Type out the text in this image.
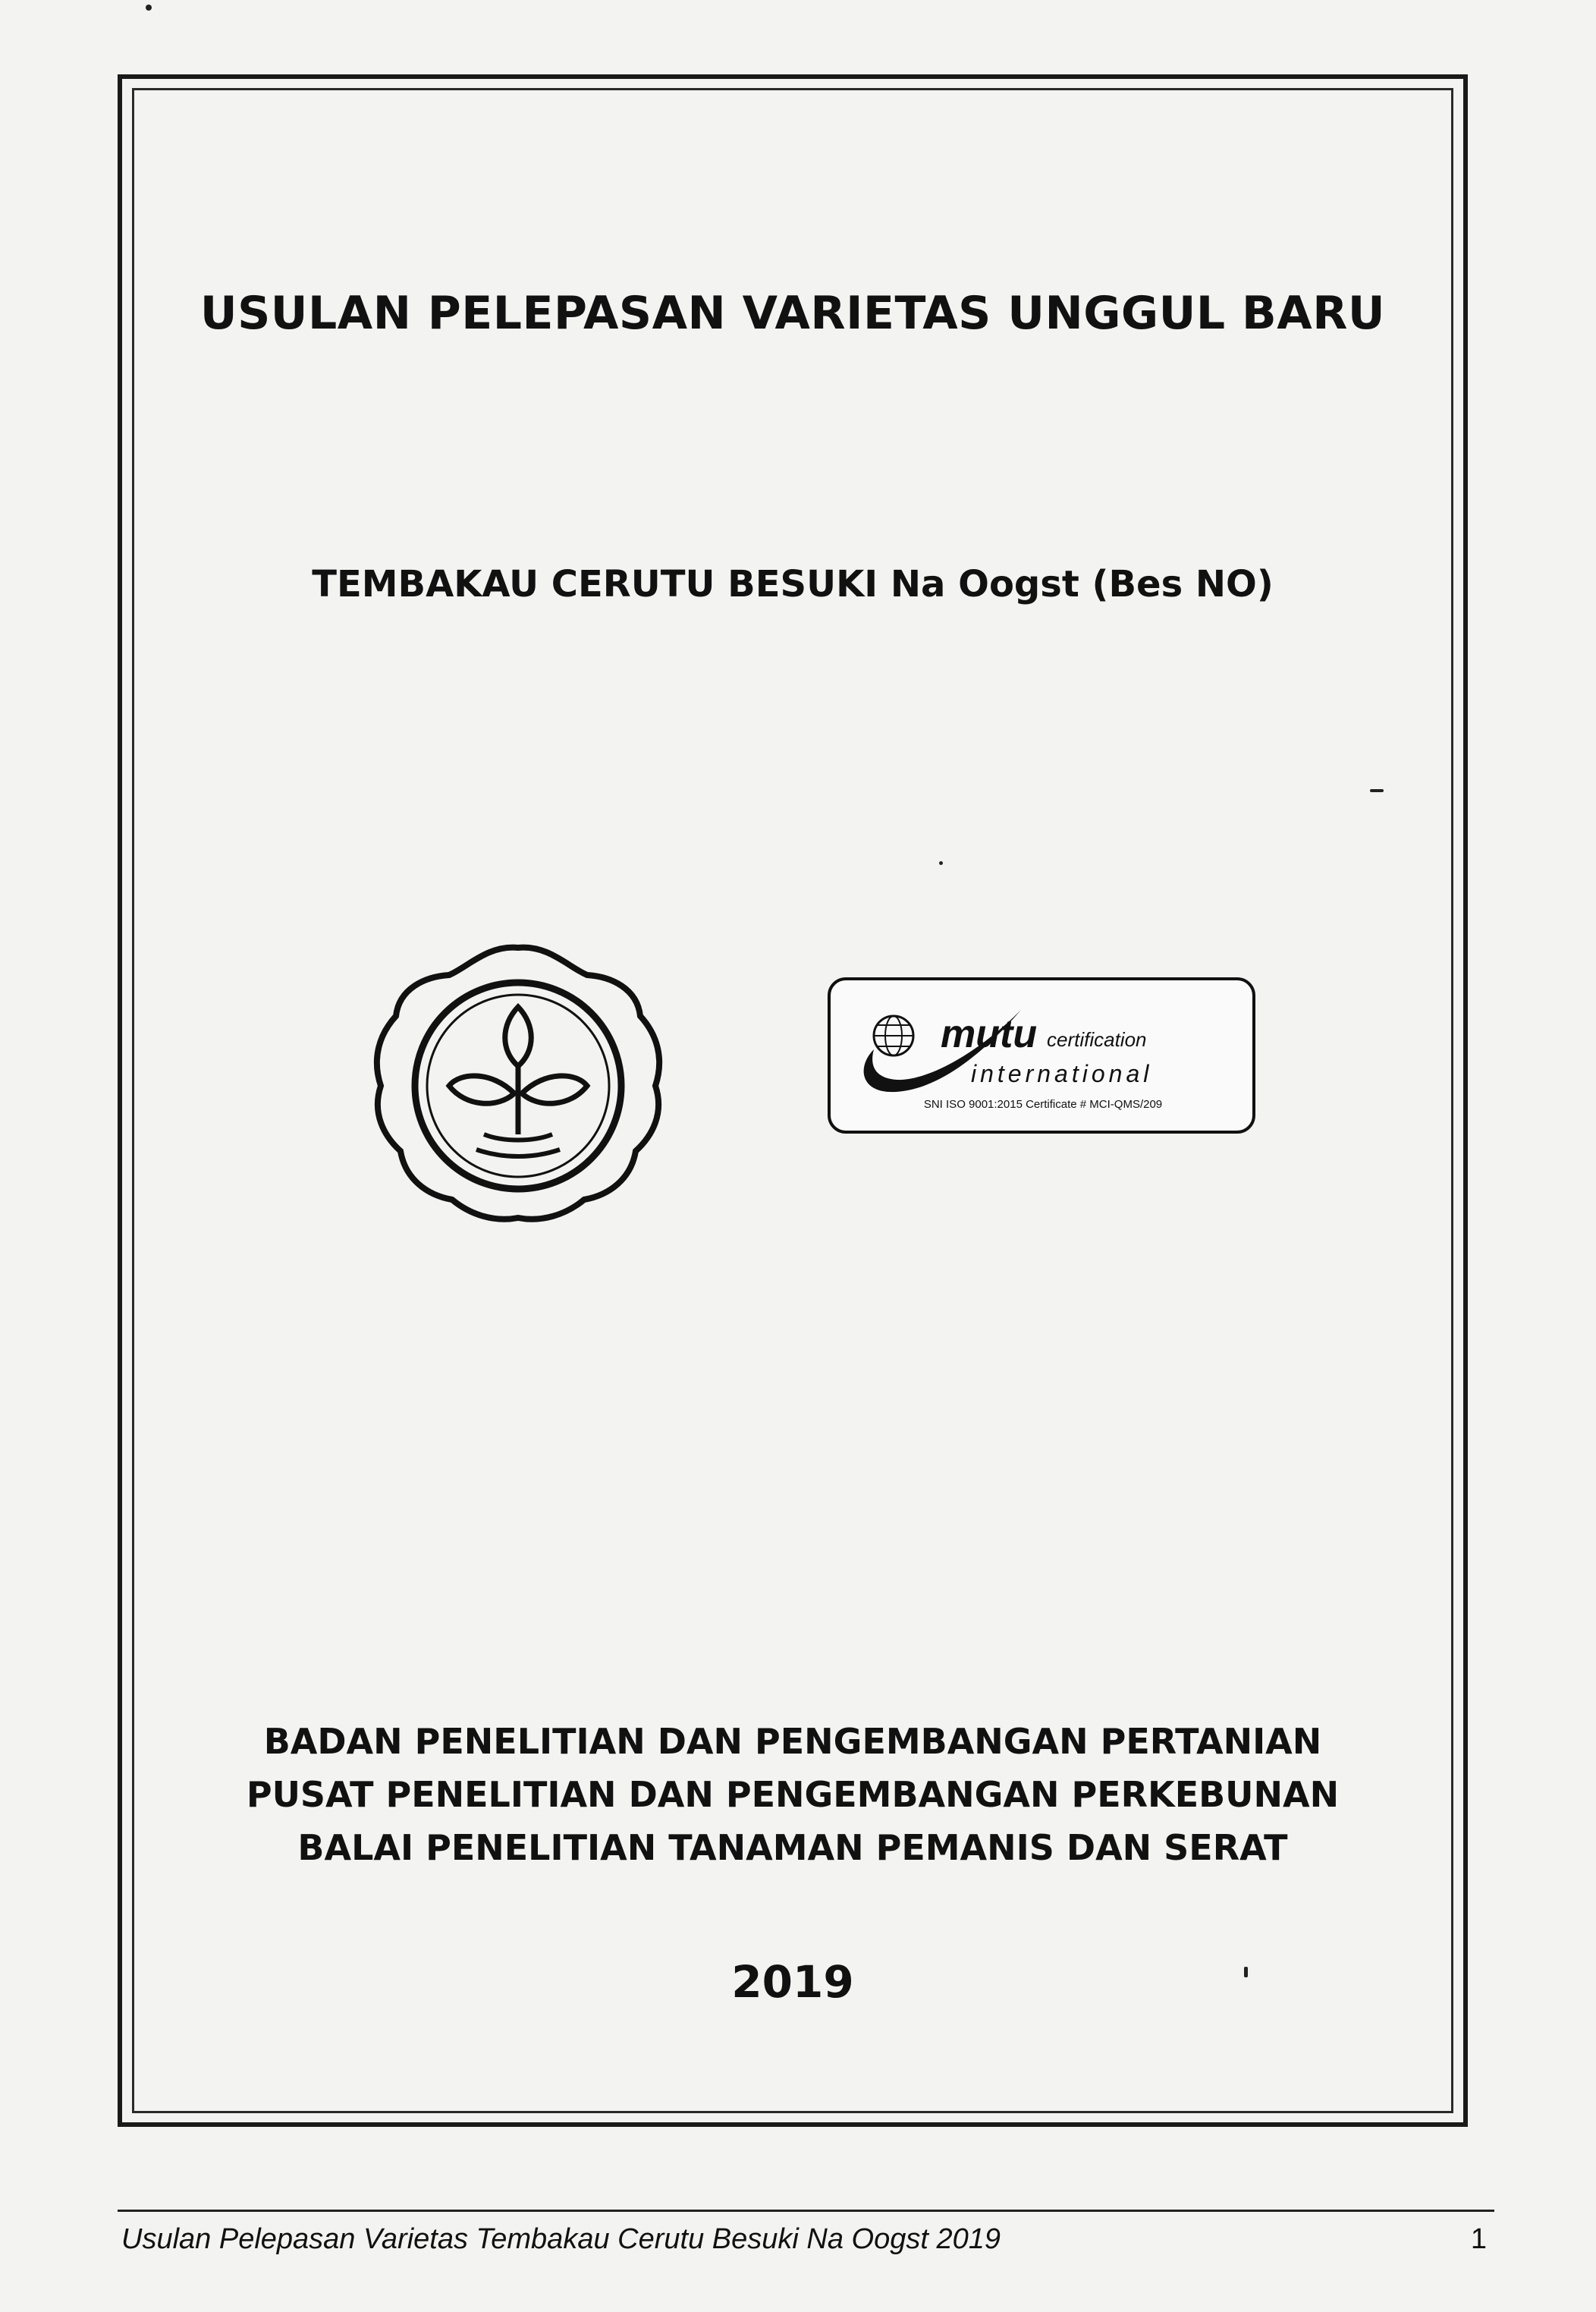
USULAN PELEPASAN VARIETAS UNGGUL BARU
TEMBAKAU CERUTU BESUKI Na Oogst (Bes NO)
mutu certification
international
SNI ISO 9001:2015 Certificate # MCI-QMS/209
BADAN PENELITIAN DAN PENGEMBANGAN PERTANIAN
PUSAT PENELITIAN DAN PENGEMBANGAN PERKEBUNAN
BALAI PENELITIAN TANAMAN PEMANIS DAN SERAT
2019
Usulan Pelepasan Varietas Tembakau Cerutu Besuki Na Oogst 2019	1
